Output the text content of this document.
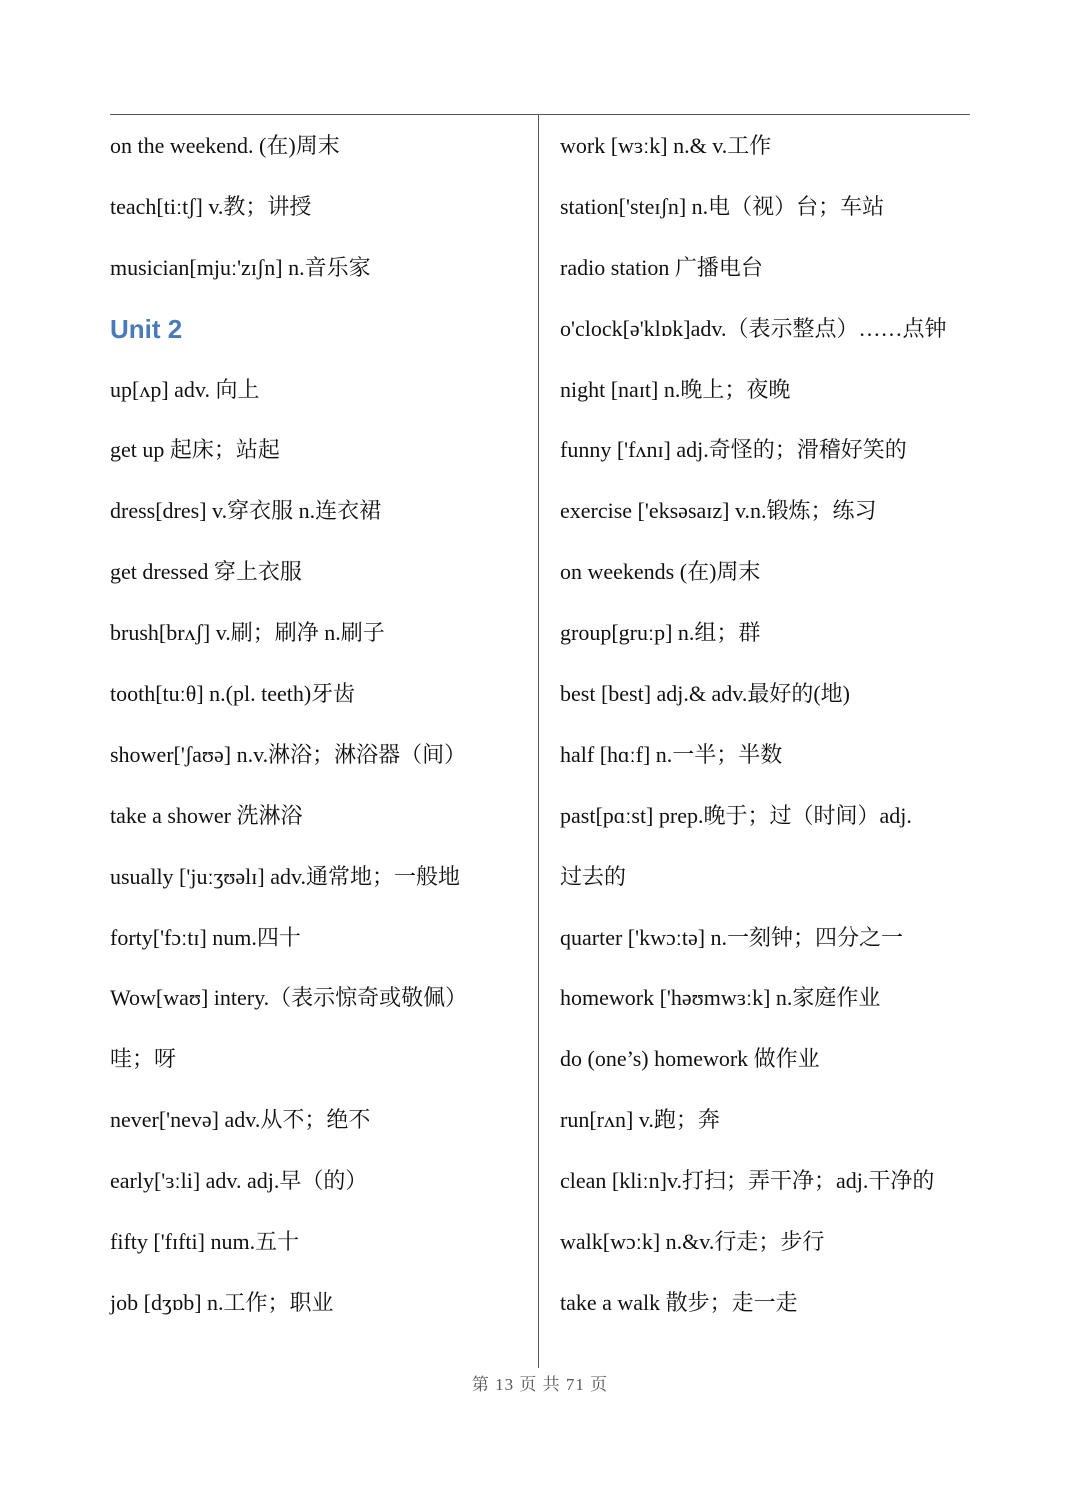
on the weekend. (在)周末
teach[tiːtʃ] v.教；讲授
musician[mjuː'zɪʃn] n.音乐家
Unit 2
up[ʌp] adv. 向上
get up 起床；站起
dress[dres] v.穿衣服 n.连衣裙
get dressed 穿上衣服
brush[brʌʃ] v.刷；刷净 n.刷子
tooth[tuːθ] n.(pl. teeth)牙齿
shower['ʃaʊə] n.v.淋浴；淋浴器（间）
take a shower 洗淋浴
usually ['juːʒʊəlɪ] adv.通常地；一般地
forty['fɔːtɪ] num.四十
Wow[waʊ] intery.（表示惊奇或敬佩）
哇；呀
never['nevə] adv.从不；绝不
early['ɜːli] adv. adj.早（的）
fifty ['fɪfti] num.五十
job [dʒɒb] n.工作；职业
work [wɜːk] n.& v.工作
station['steɪʃn] n.电（视）台；车站
radio station 广播电台
o'clock[ə'klɒk]adv.（表示整点）……点钟
night [naɪt] n.晚上；夜晚
funny ['fʌnɪ] adj.奇怪的；滑稽好笑的
exercise ['eksəsaɪz] v.n.锻炼；练习
on weekends (在)周末
group[gruːp] n.组；群
best [best] adj.& adv.最好的(地)
half [hɑːf] n.一半；半数
past[pɑːst] prep.晚于；过（时间）adj.
过去的
quarter ['kwɔːtə] n.一刻钟；四分之一
homework ['həʊmwɜːk] n.家庭作业
do (one’s) homework 做作业
run[rʌn] v.跑；奔
clean [kliːn]v.打扫；弄干净；adj.干净的
walk[wɔːk] n.&v.行走；步行
take a walk 散步；走一走
第 13 页 共 71 页
